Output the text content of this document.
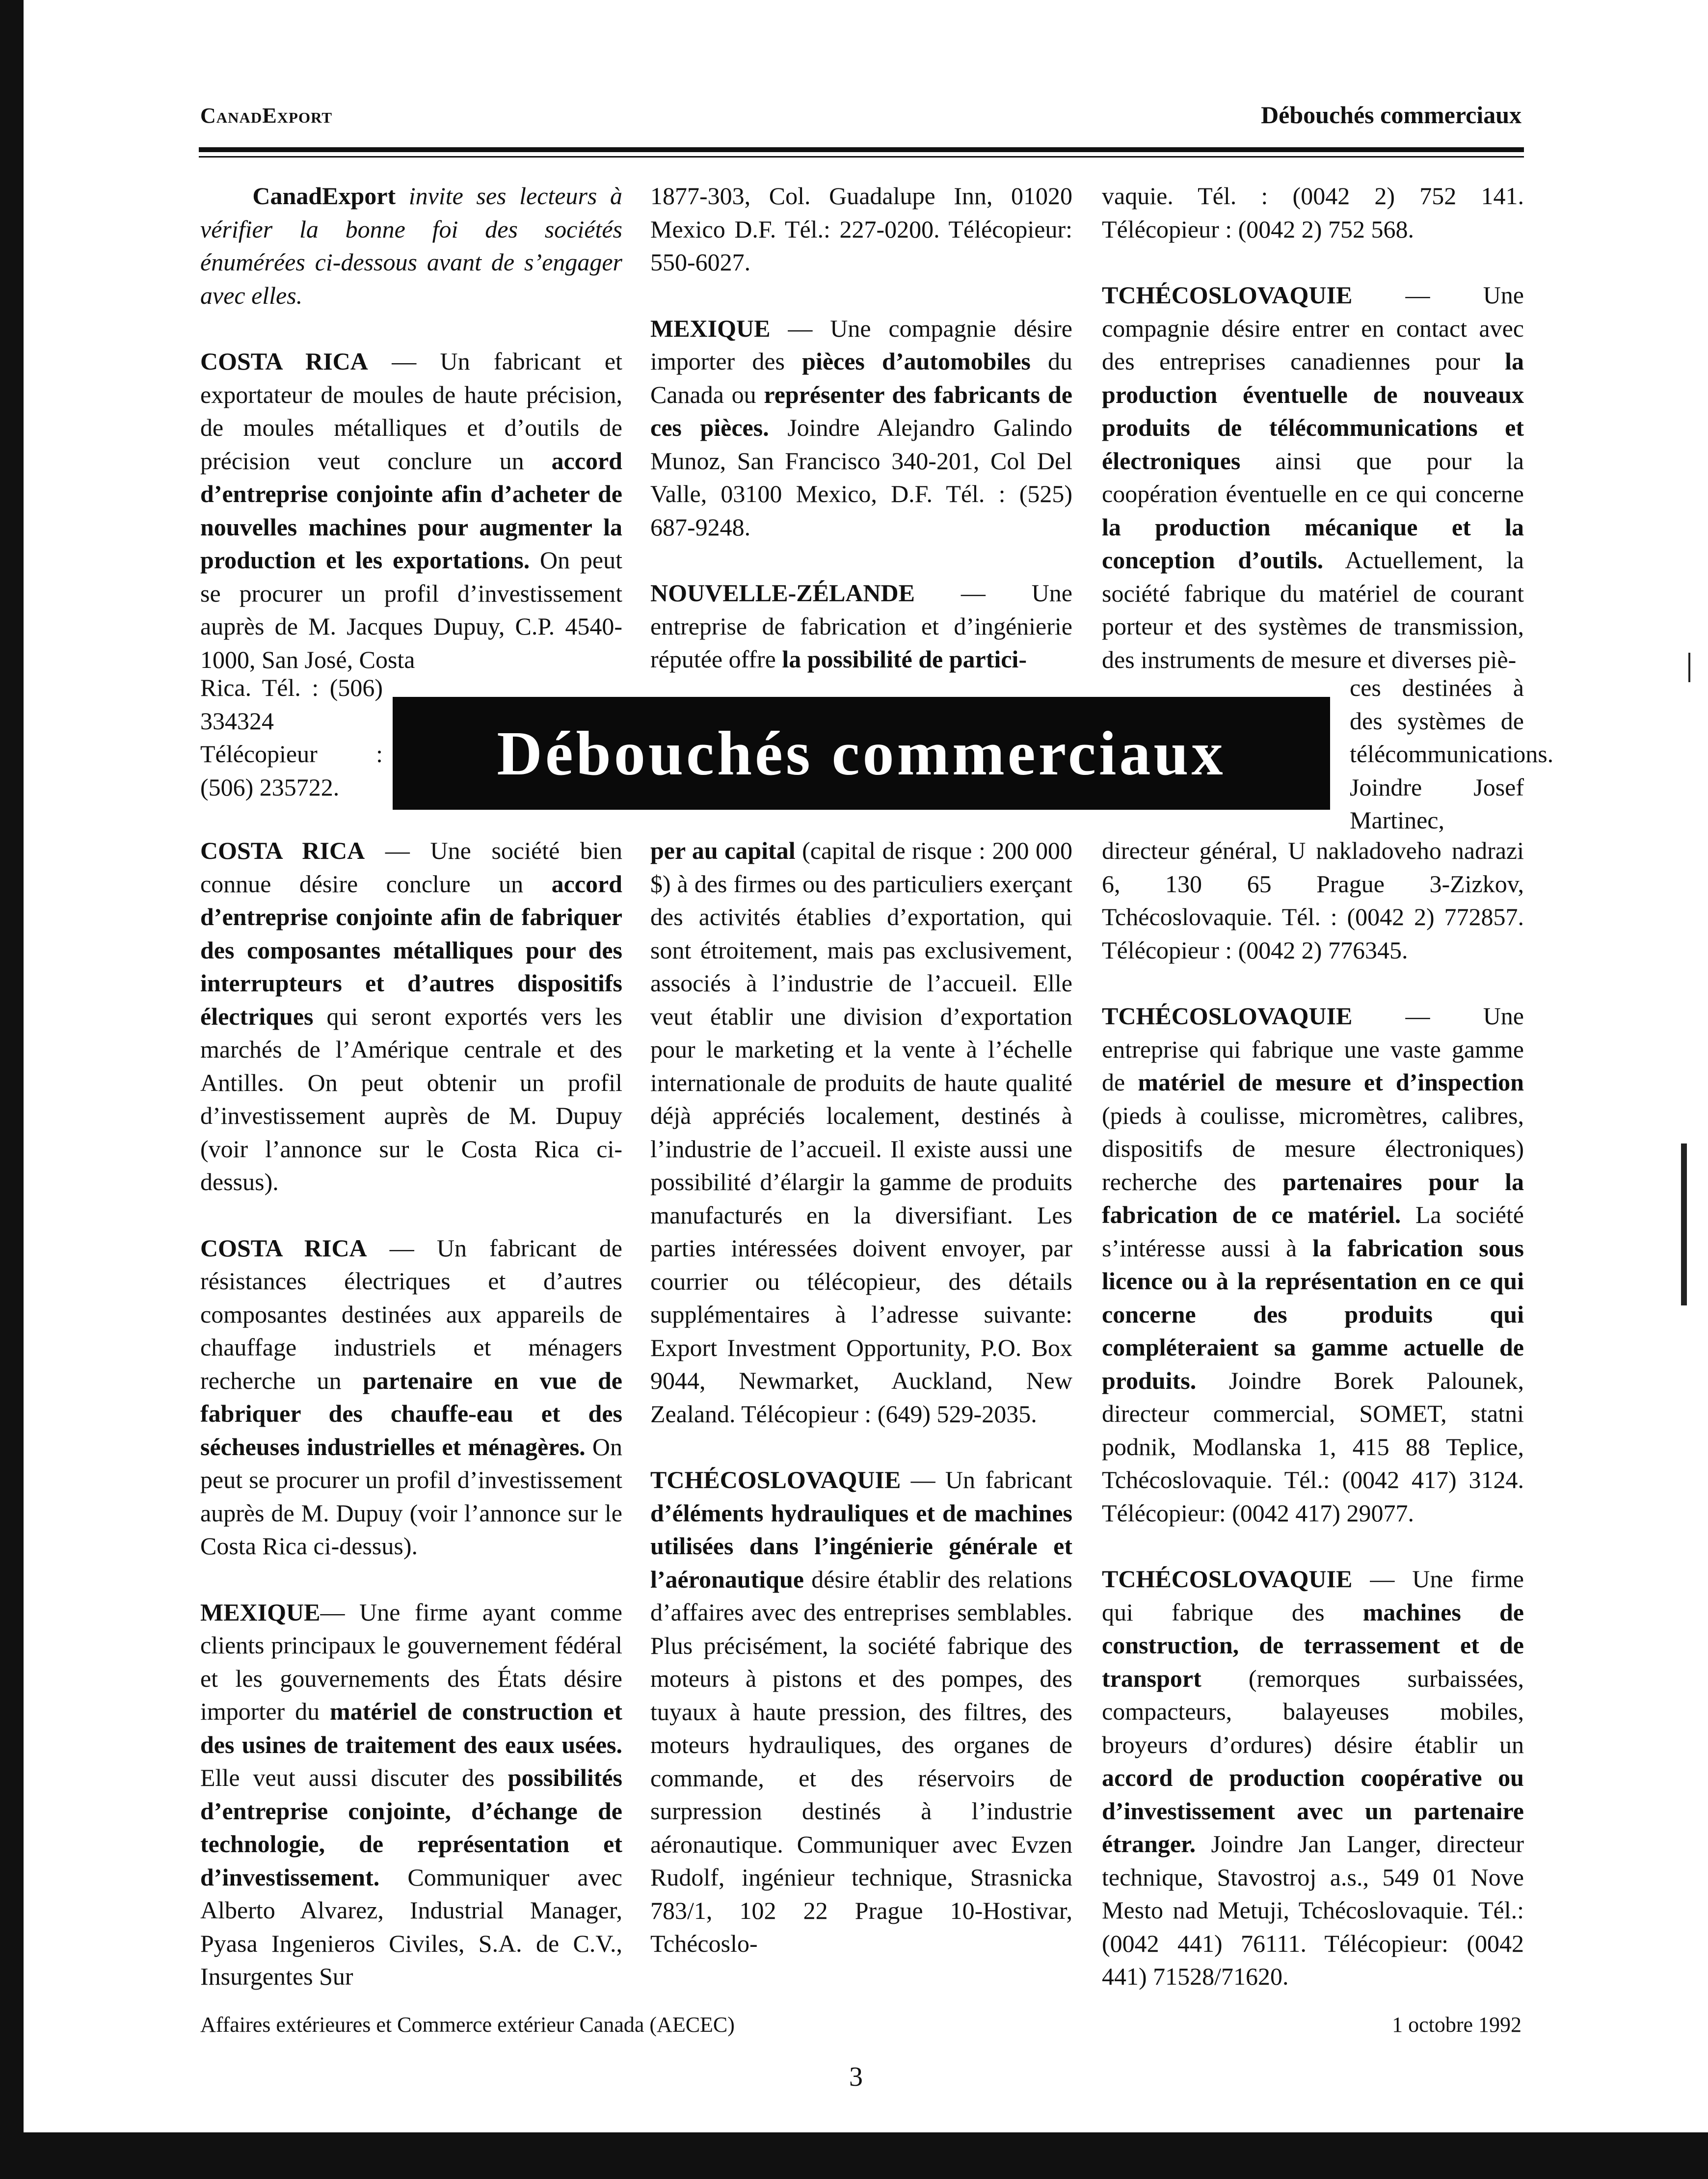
CanadExport	Débouchés commerciaux

CanadExport invite ses lecteurs à vérifier la bonne foi des sociétés énumérées ci-dessous avant de s’engager avec elles.

COSTA RICA — Un fabricant et exportateur de moules de haute précision, de moules métalliques et d’outils de précision veut conclure un accord d’entreprise conjointe afin d’acheter de nouvelles machines pour augmenter la production et les exportations. On peut se procurer un profil d’investissement auprès de M. Jacques Dupuy, C.P. 4540-1000, San José, Costa

Rica. Tél. : (506) 334324 Télécopieur : (506) 235722.	Débouchés commerciaux

COSTA RICA — Une société bien connue désire conclure un accord d’entreprise conjointe afin de fabriquer des composantes métalliques pour des interrupteurs et d’autres dispositifs électriques qui seront exportés vers les marchés de l’Amérique centrale et des Antilles. On peut obtenir un profil d’investissement auprès de M. Dupuy (voir l’annonce sur le Costa Rica ci-dessus).

COSTA RICA — Un fabricant de résistances électriques et d’autres composantes destinées aux appareils de chauffage industriels et ménagers recherche un partenaire en vue de fabriquer des chauffe-eau et des sécheuses industrielles et ménagères. On peut se procurer un profil d’investissement auprès de M. Dupuy (voir l’annonce sur le Costa Rica ci-dessus).

MEXIQUE— Une firme ayant comme clients principaux le gouvernement fédéral et les gouvernements des États désire importer du matériel de construction et des usines de traitement des eaux usées. Elle veut aussi discuter des possibilités d’entreprise conjointe, d’échange de technologie, de représentation et d’investissement. Communiquer avec Alberto Alvarez, Industrial Manager, Pyasa Ingenieros Civiles, S.A. de C.V., Insurgentes Sur

1877-303, Col. Guadalupe Inn, 01020 Mexico D.F. Tél.: 227-0200. Télécopieur: 550-6027.

MEXIQUE — Une compagnie désire importer des pièces d’automobiles du Canada ou représenter des fabricants de ces pièces. Joindre Alejandro Galindo Munoz, San Francisco 340-201, Col Del Valle, 03100 Mexico, D.F. Tél. : (525) 687-9248.

NOUVELLE-ZÉLANDE — Une entreprise de fabrication et d’ingénierie réputée offre la possibilité de partici-

per au capital (capital de risque : 200 000 $) à des firmes ou des particuliers exerçant des activités établies d’exportation, qui sont étroitement, mais pas exclusivement, associés à l’industrie de l’accueil. Elle veut établir une division d’exportation pour le marketing et la vente à l’échelle internationale de produits de haute qualité déjà appréciés localement, destinés à l’industrie de l’accueil. Il existe aussi une possibilité d’élargir la gamme de produits manufacturés en la diversifiant. Les parties intéressées doivent envoyer, par courrier ou télécopieur, des détails supplémentaires à l’adresse suivante: Export Investment Opportunity, P.O. Box 9044, Newmarket, Auckland, New Zealand. Télécopieur : (649) 529-2035.

TCHÉCOSLOVAQUIE — Un fabricant d’éléments hydrauliques et de machines utilisées dans l’ingénierie générale et l’aéronautique désire établir des relations d’affaires avec des entreprises semblables. Plus précisément, la société fabrique des moteurs à pistons et des pompes, des tuyaux à haute pression, des filtres, des moteurs hydrauliques, des organes de commande, et des réservoirs de surpression destinés à l’industrie aéronautique. Communiquer avec Evzen Rudolf, ingénieur technique, Strasnicka 783/1, 102 22 Prague 10-Hostivar, Tchécoslo-

vaquie. Tél. : (0042 2) 752 141. Télécopieur : (0042 2) 752 568.

TCHÉCOSLOVAQUIE — Une compagnie désire entrer en contact avec des entreprises canadiennes pour la production éventuelle de nouveaux produits de télécommunications et électroniques ainsi que pour la coopération éventuelle en ce qui concerne la production mécanique et la conception d’outils. Actuellement, la société fabrique du matériel de courant porteur et des systèmes de transmission, des instruments de mesure et diverses piè-

ces destinées à des systèmes de télécommunications. Joindre Josef Martinec,

directeur général, U nakladoveho nadrazi 6, 130 65 Prague 3-Zizkov, Tchécoslovaquie. Tél. : (0042 2) 772857. Télécopieur : (0042 2) 776345.

TCHÉCOSLOVAQUIE — Une entreprise qui fabrique une vaste gamme de matériel de mesure et d’inspection (pieds à coulisse, micromètres, calibres, dispositifs de mesure électroniques) recherche des partenaires pour la fabrication de ce matériel. La société s’intéresse aussi à la fabrication sous licence ou à la représentation en ce qui concerne des produits qui compléteraient sa gamme actuelle de produits. Joindre Borek Palounek, directeur commercial, SOMET, statni podnik, Modlanska 1, 415 88 Teplice, Tchécoslovaquie. Tél.: (0042 417) 3124. Télécopieur: (0042 417) 29077.

TCHÉCOSLOVAQUIE — Une firme qui fabrique des machines de construction, de terrassement et de transport (remorques surbaissées, compacteurs, balayeuses mobiles, broyeurs d’ordures) désire établir un accord de production coopérative ou d’investissement avec un partenaire étranger. Joindre Jan Langer, directeur technique, Stavostroj a.s., 549 01 Nove Mesto nad Metuji, Tchécoslovaquie. Tél.: (0042 441) 76111. Télécopieur: (0042 441) 71528/71620.

Affaires extérieures et Commerce extérieur Canada (AECEC)	1 octobre 1992
3
